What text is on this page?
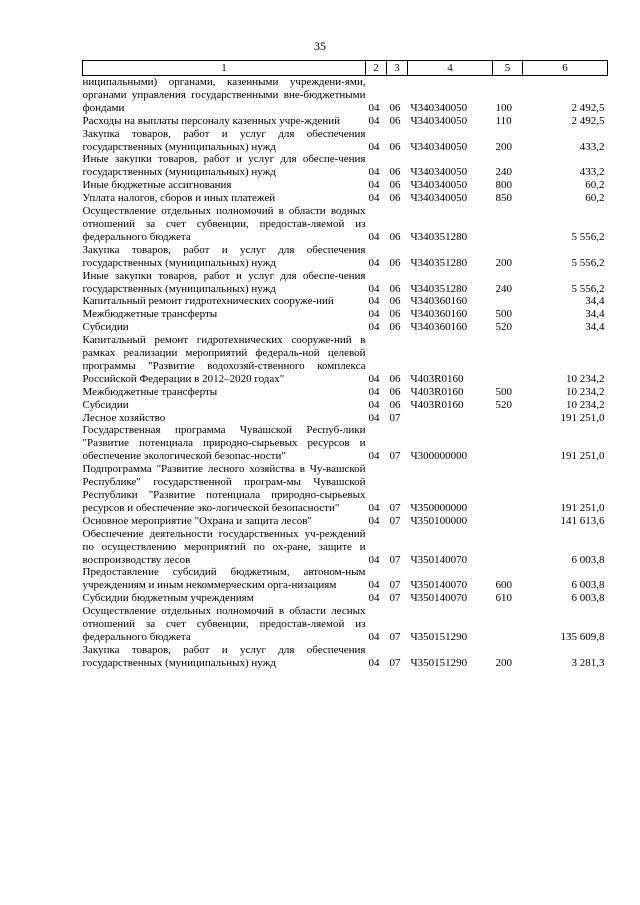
35
1	2	3	4	5	6
ниципальными) органами, казенными учреждени-ями, органами управления государственными вне-бюджетными фондами	04	06	Ч340340050	100	2 492,5
Расходы на выплаты персоналу казенных учре-ждений	04	06	Ч340340050	110	2 492,5
Закупка товаров, работ и услуг для обеспечения государственных (муниципальных) нужд	04	06	Ч340340050	200	433,2
Иные закупки товаров, работ и услуг для обеспе-чения государственных (муниципальных) нужд	04	06	Ч340340050	240	433,2
Иные бюджетные ассигнования	04	06	Ч340340050	800	60,2
Уплата налогов, сборов и иных платежей	04	06	Ч340340050	850	60,2
Осуществление отдельных полномочий в области водных отношений за счет субвенции, предостав-ляемой из федерального бюджета	04	06	Ч340351280		5 556,2
Закупка товаров, работ и услуг для обеспечения государственных (муниципальных) нужд	04	06	Ч340351280	200	5 556,2
Иные закупки товаров, работ и услуг для обеспе-чения государственных (муниципальных) нужд	04	06	Ч340351280	240	5 556,2
Капитальный ремонт гидротехнических сооруже-ний	04	06	Ч340360160		34,4
Межбюджетные трансферты	04	06	Ч340360160	500	34,4
Субсидии	04	06	Ч340360160	520	34,4
Капитальный ремонт гидротехнических сооруже-ний в рамках реализации мероприятий федераль-ной целевой программы "Развитие водохозяй-ственного комплекса Российской Федерации в 2012–2020 годах"	04	06	Ч403R0160		10 234,2
Межбюджетные трансферты	04	06	Ч403R0160	500	10 234,2
Субсидии	04	06	Ч403R0160	520	10 234,2
Лесное хозяйство	04	07			191 251,0
Государственная программа Чувашской Респуб-лики "Развитие потенциала природно-сырьевых ресурсов и обеспечение экологической безопас-ности"	04	07	Ч300000000		191 251,0
Подпрограмма "Развитие лесного хозяйства в Чу-вашской Республике" государственной програм-мы Чувашской Республики "Развитие потенциала природно-сырьевых ресурсов и обеспечение эко-логической безопасности"	04	07	Ч350000000		191 251,0
Основное мероприятие "Охрана и защита лесов"	04	07	Ч350100000		141 613,6
Обеспечение деятельности государственных уч-реждений по осуществлению мероприятий по ох-ране, защите и воспроизводству лесов	04	07	Ч350140070		6 003,8
Предоставление субсидий бюджетным, автоном-ным учреждениям и иным некоммерческим орга-низациям	04	07	Ч350140070	600	6 003,8
Субсидии бюджетным учреждениям	04	07	Ч350140070	610	6 003,8
Осуществление отдельных полномочий в области лесных отношений за счет субвенции, предостав-ляемой из федерального бюджета	04	07	Ч350151290		135 609,8
Закупка товаров, работ и услуг для обеспечения государственных (муниципальных) нужд	04	07	Ч350151290	200	3 281,3
